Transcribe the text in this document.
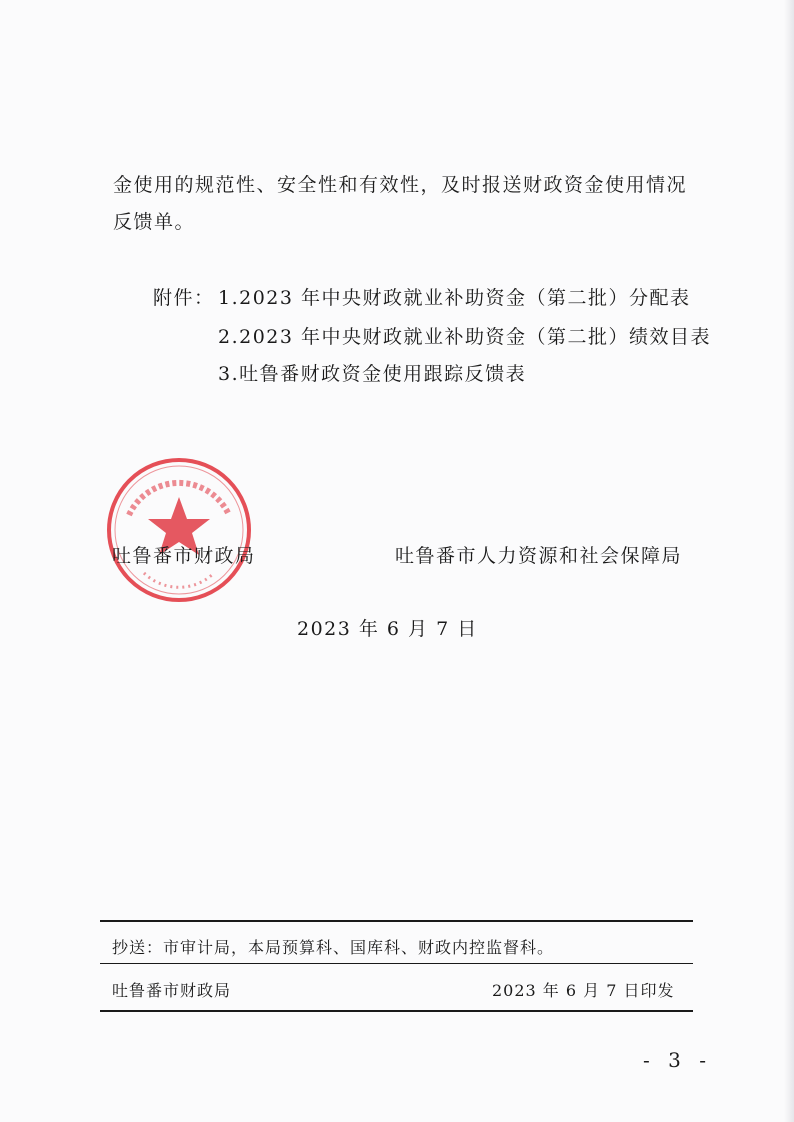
金使用的规范性、安全性和有效性，及时报送财政资金使用情况
反馈单。
附件： 1.2023 年中央财政就业补助资金（第二批）分配表
2.2023 年中央财政就业补助资金（第二批）绩效目表
3.吐鲁番财政资金使用跟踪反馈表
吐鲁番市财政局	吐鲁番市人力资源和社会保障局
2023 年 6 月 7 日
抄送：市审计局，本局预算科、国库科、财政内控监督科。
吐鲁番市财政局	2023 年 6 月 7 日印发
- 3 -
